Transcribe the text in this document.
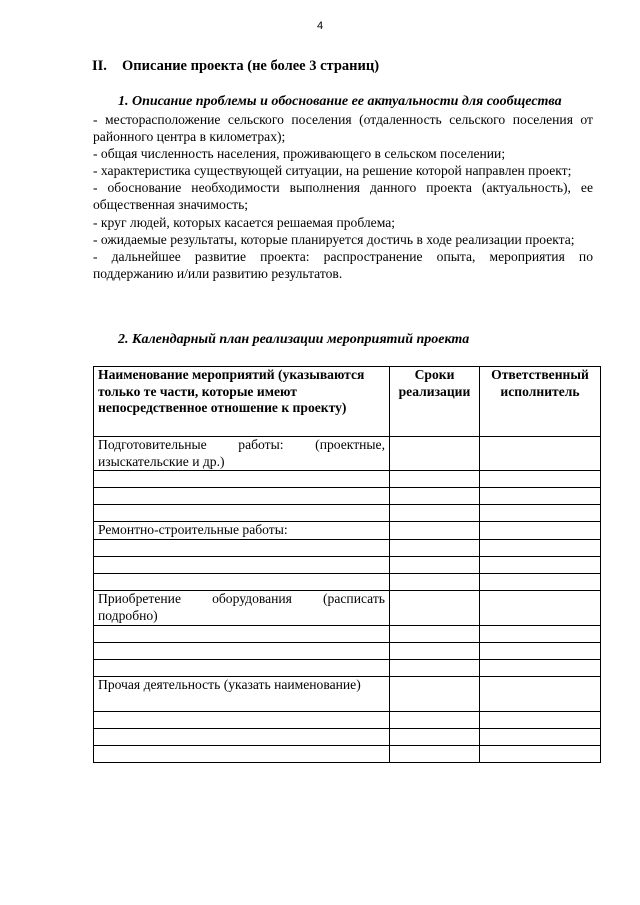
4
II. Описание проекта (не более 3 страниц)
1. Описание проблемы и обоснование ее актуальности для сообщества
- месторасположение сельского поселения (отдаленность сельского поселения от районного центра в километрах);
- общая численность населения, проживающего в сельском поселении;
- характеристика существующей ситуации, на решение которой направлен проект;
- обоснование необходимости выполнения данного проекта (актуальность), ее общественная значимость;
- круг людей, которых касается решаемая проблема;
- ожидаемые результаты, которые планируется достичь в ходе реализации проекта;
- дальнейшее развитие проекта: распространение опыта, мероприятия по поддержанию и/или развитию результатов.
2. Календарный план реализации мероприятий проекта
Наименование мероприятий (указываются только те части, которые имеют непосредственное отношение к проекту)	Сроки реализации	Ответственный исполнитель
Подготовительные работы: (проектные, изыскательские и др.)		

Ремонтно-строительные работы:		

Приобретение оборудования (расписать подробно)		

Прочая деятельность (указать наименование)		
